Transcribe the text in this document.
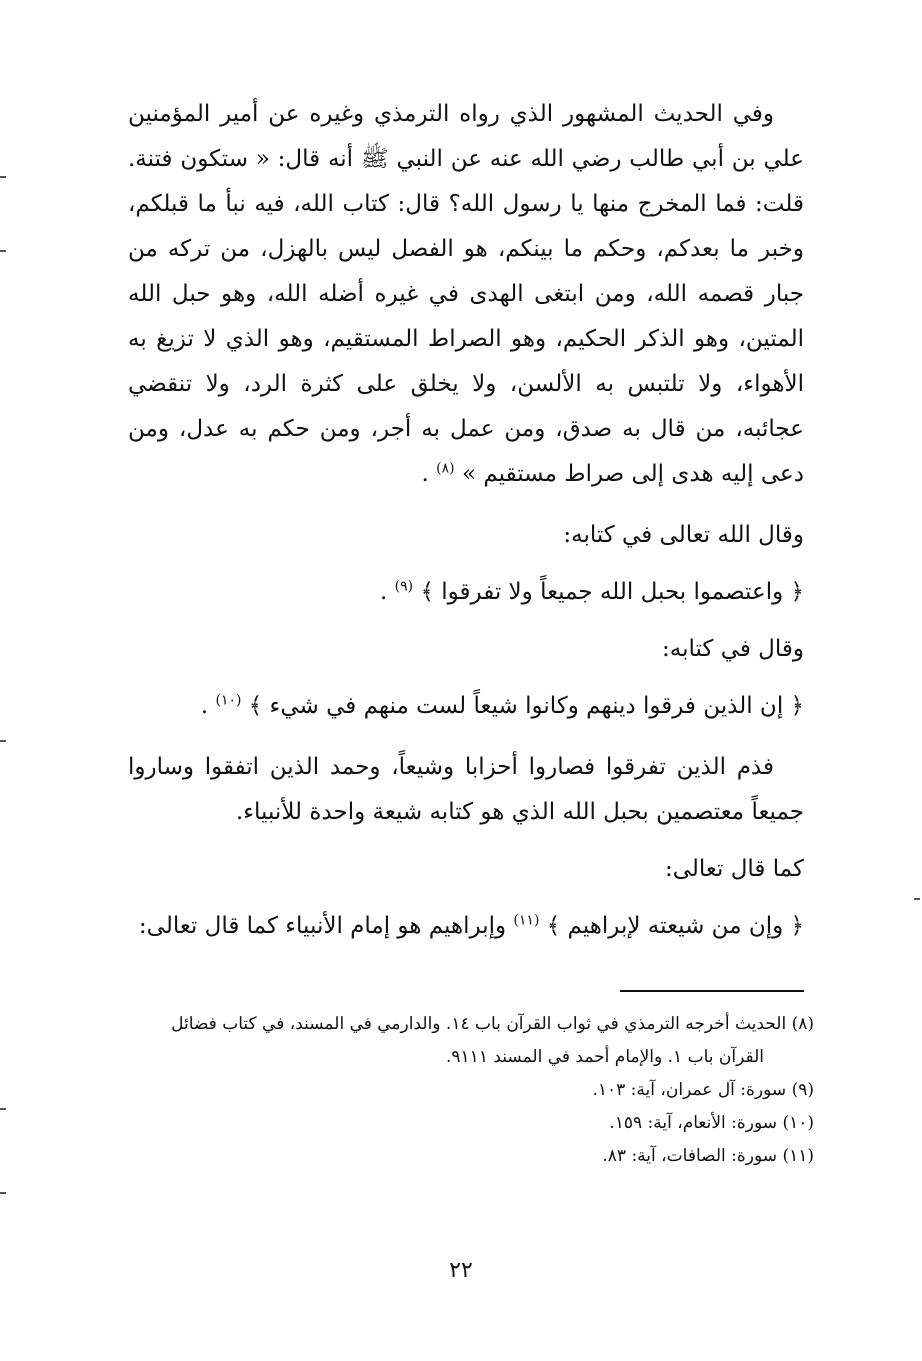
وفي الحديث المشهور الذي رواه الترمذي وغيره عن أمير المؤمنين علي بن أبي طالب رضي الله عنه عن النبي ﷺ أنه قال: « ستكون فتنة. قلت: فما المخرج منها يا رسول الله؟ قال: كتاب الله، فيه نبأ ما قبلكم، وخبر ما بعدكم، وحكم ما بينكم، هو الفصل ليس بالهزل، من تركه من جبار قصمه الله، ومن ابتغى الهدى في غيره أضله الله، وهو حبل الله المتين، وهو الذكر الحكيم، وهو الصراط المستقيم، وهو الذي لا تزيغ به الأهواء، ولا تلتبس به الألسن، ولا يخلق على كثرة الرد، ولا تنقضي عجائبه، من قال به صدق، ومن عمل به أجر، ومن حكم به عدل، ومن دعى إليه هدى إلى صراط مستقيم » $^{(٨)}$ .

وقال الله تعالى في كتابه:

﴿ واعتصموا بحبل الله جميعاً ولا تفرقوا ﴾ $^{(٩)}$ .

وقال في كتابه:

﴿ إن الذين فرقوا دينهم وكانوا شيعاً لست منهم في شيء ﴾ $^{(١٠)}$ .

فذم الذين تفرقوا فصاروا أحزابا وشيعاً، وحمد الذين اتفقوا وساروا جميعاً معتصمين بحبل الله الذي هو كتابه شيعة واحدة للأنبياء.

كما قال تعالى:

﴿ وإن من شيعته لإبراهيم ﴾ $^{(١١)}$ وإبراهيم هو إمام الأنبياء كما قال تعالى:

(٨) الحديث أخرجه الترمذي في ثواب القرآن باب ١٤. والدارمي في المسند، في كتاب فضائل

القرآن باب ١. والإمام أحمد في المسند ٩١١١.

(٩) سورة: آل عمران، آية: ١٠٣.

(١٠) سورة: الأنعام، آية: ١٥٩.

(١١) سورة: الصافات، آية: ٨٣.

٢٢
